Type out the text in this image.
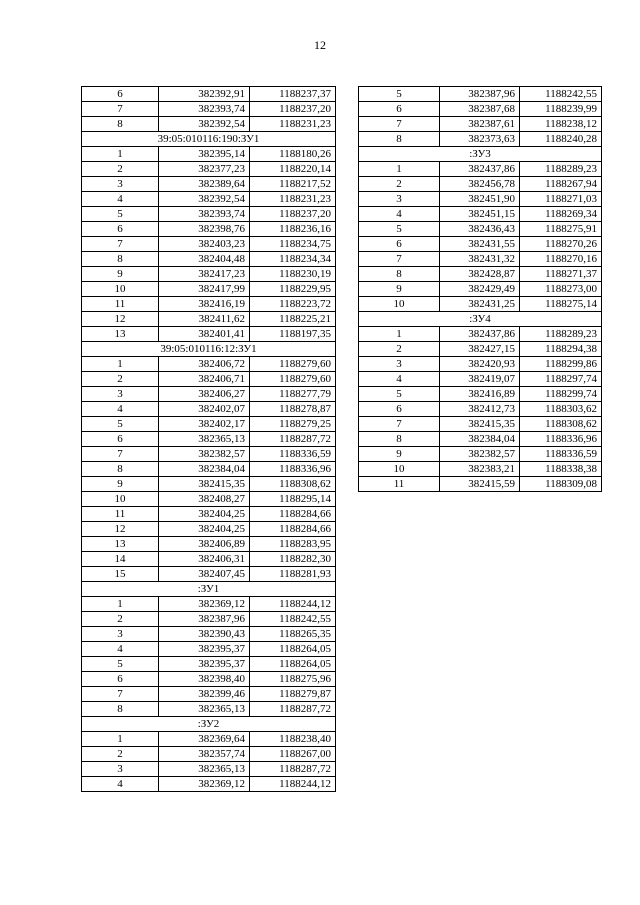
12
6	382392,91	1188237,37
7	382393,74	1188237,20
8	382392,54	1188231,23
39:05:010116:190:ЗУ1		
1	382395,14	1188180,26
2	382377,23	1188220,14
3	382389,64	1188217,52
4	382392,54	1188231,23
5	382393,74	1188237,20
6	382398,76	1188236,16
7	382403,23	1188234,75
8	382404,48	1188234,34
9	382417,23	1188230,19
10	382417,99	1188229,95
11	382416,19	1188223,72
12	382411,62	1188225,21
13	382401,41	1188197,35
39:05:010116:12:ЗУ1		
1	382406,72	1188279,60
2	382406,71	1188279,60
3	382406,27	1188277,79
4	382402,07	1188278,87
5	382402,17	1188279,25
6	382365,13	1188287,72
7	382382,57	1188336,59
8	382384,04	1188336,96
9	382415,35	1188308,62
10	382408,27	1188295,14
11	382404,25	1188284,66
12	382404,25	1188284,66
13	382406,89	1188283,95
14	382406,31	1188282,30
15	382407,45	1188281,93
:ЗУ1		
1	382369,12	1188244,12
2	382387,96	1188242,55
3	382390,43	1188265,35
4	382395,37	1188264,05
5	382395,37	1188264,05
6	382398,40	1188275,96
7	382399,46	1188279,87
8	382365,13	1188287,72
:ЗУ2		
1	382369,64	1188238,40
2	382357,74	1188267,00
3	382365,13	1188287,72
4	382369,12	1188244,12
5	382387,96	1188242,55
6	382387,68	1188239,99
7	382387,61	1188238,12
8	382373,63	1188240,28
:ЗУ3		
1	382437,86	1188289,23
2	382456,78	1188267,94
3	382451,90	1188271,03
4	382451,15	1188269,34
5	382436,43	1188275,91
6	382431,55	1188270,26
7	382431,32	1188270,16
8	382428,87	1188271,37
9	382429,49	1188273,00
10	382431,25	1188275,14
:ЗУ4		
1	382437,86	1188289,23
2	382427,15	1188294,38
3	382420,93	1188299,86
4	382419,07	1188297,74
5	382416,89	1188299,74
6	382412,73	1188303,62
7	382415,35	1188308,62
8	382384,04	1188336,96
9	382382,57	1188336,59
10	382383,21	1188338,38
11	382415,59	1188309,08
